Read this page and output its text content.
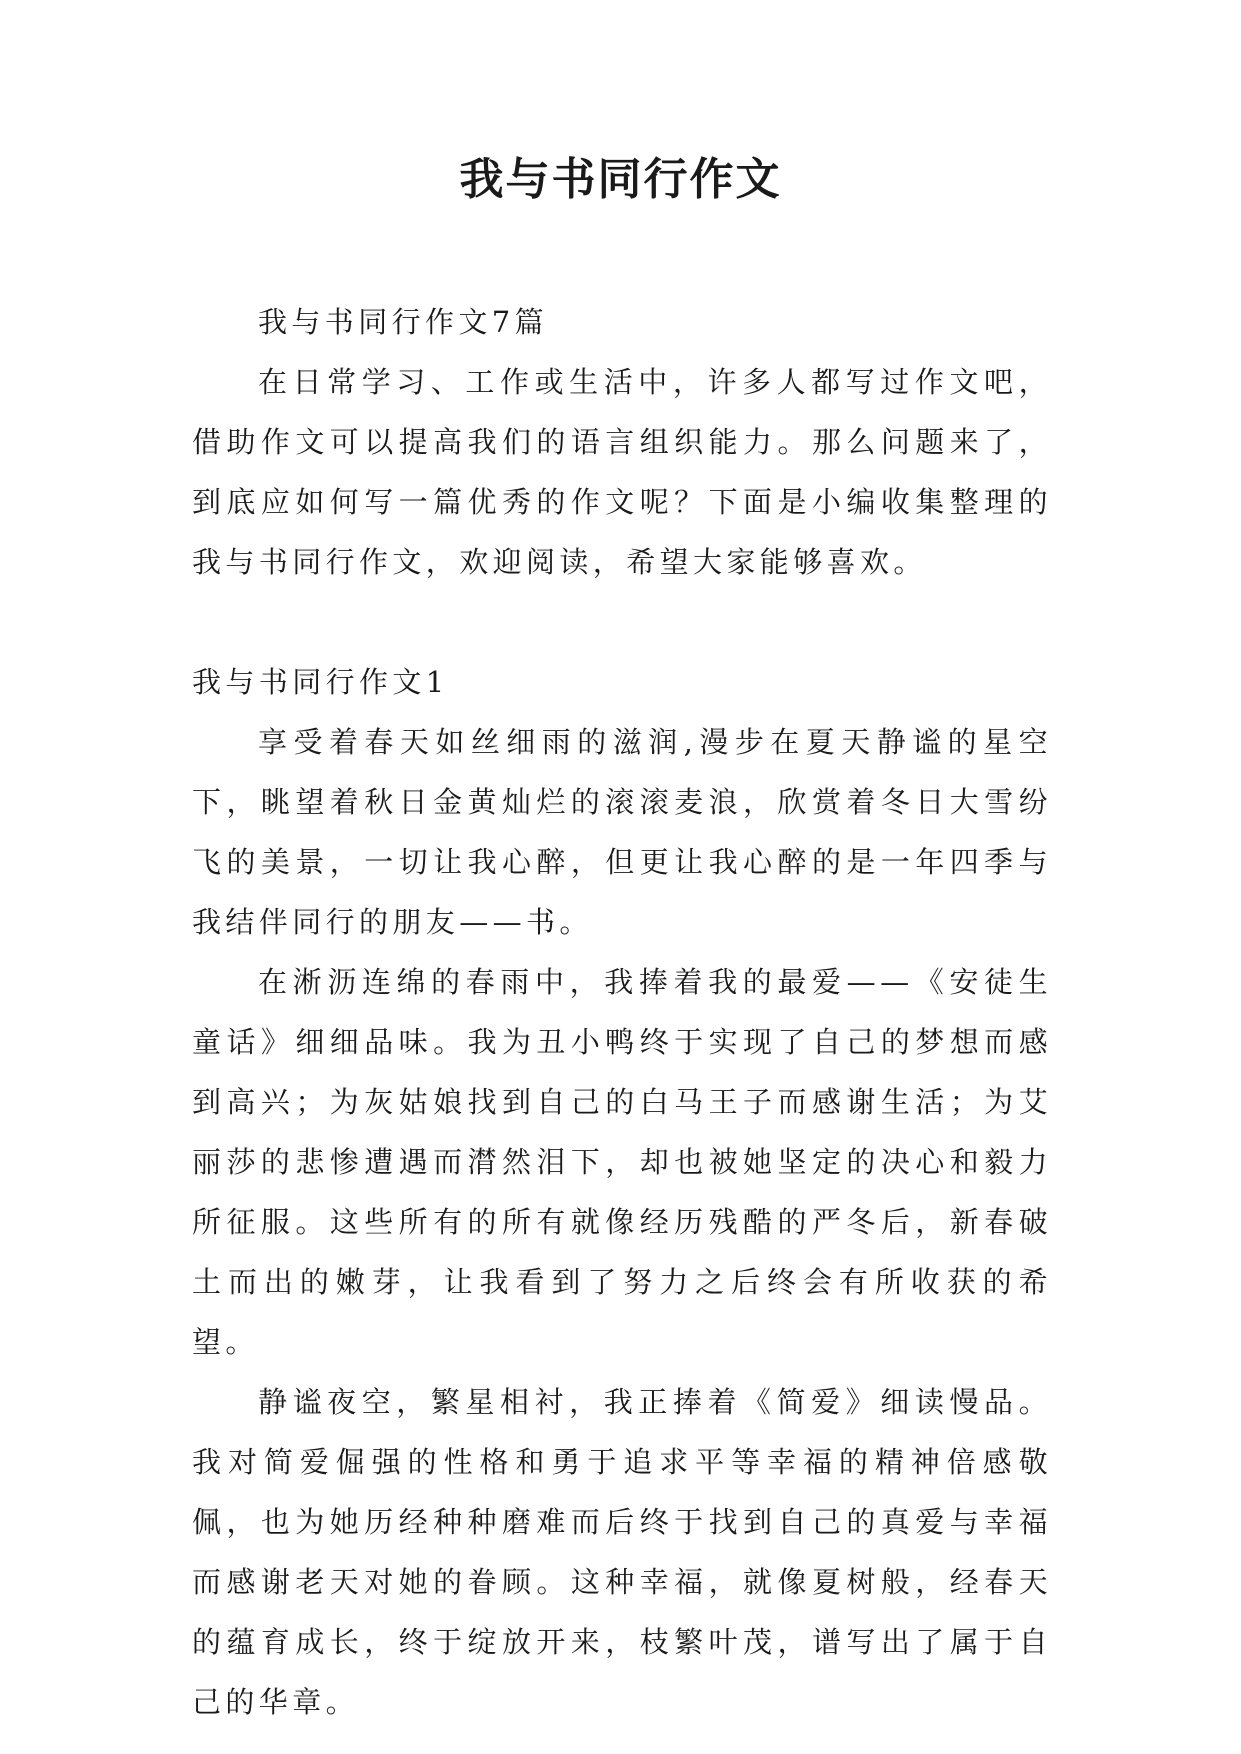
我与书同行作文

我与书同行作文7篇

在日常学习、工作或生活中，许多人都写过作文吧，借助作文可以提高我们的语言组织能力。那么问题来了，到底应如何写一篇优秀的作文呢？下面是小编收集整理的我与书同行作文，欢迎阅读，希望大家能够喜欢。

我与书同行作文1

享受着春天如丝细雨的滋润,漫步在夏天静谧的星空下，眺望着秋日金黄灿烂的滚滚麦浪，欣赏着冬日大雪纷飞的美景，一切让我心醉，但更让我心醉的是一年四季与我结伴同行的朋友——书。

在淅沥连绵的春雨中，我捧着我的最爱——《安徒生童话》细细品味。我为丑小鸭终于实现了自己的梦想而感到高兴；为灰姑娘找到自己的白马王子而感谢生活；为艾丽莎的悲惨遭遇而潸然泪下，却也被她坚定的决心和毅力所征服。这些所有的所有就像经历残酷的严冬后，新春破土而出的嫩芽，让我看到了努力之后终会有所收获的希望。

静谧夜空，繁星相衬，我正捧着《简爱》细读慢品。我对简爱倔强的性格和勇于追求平等幸福的精神倍感敬佩，也为她历经种种磨难而后终于找到自己的真爱与幸福而感谢老天对她的眷顾。这种幸福，就像夏树般，经春天的蕴育成长，终于绽放开来，枝繁叶茂，谱写出了属于自己的华章。
